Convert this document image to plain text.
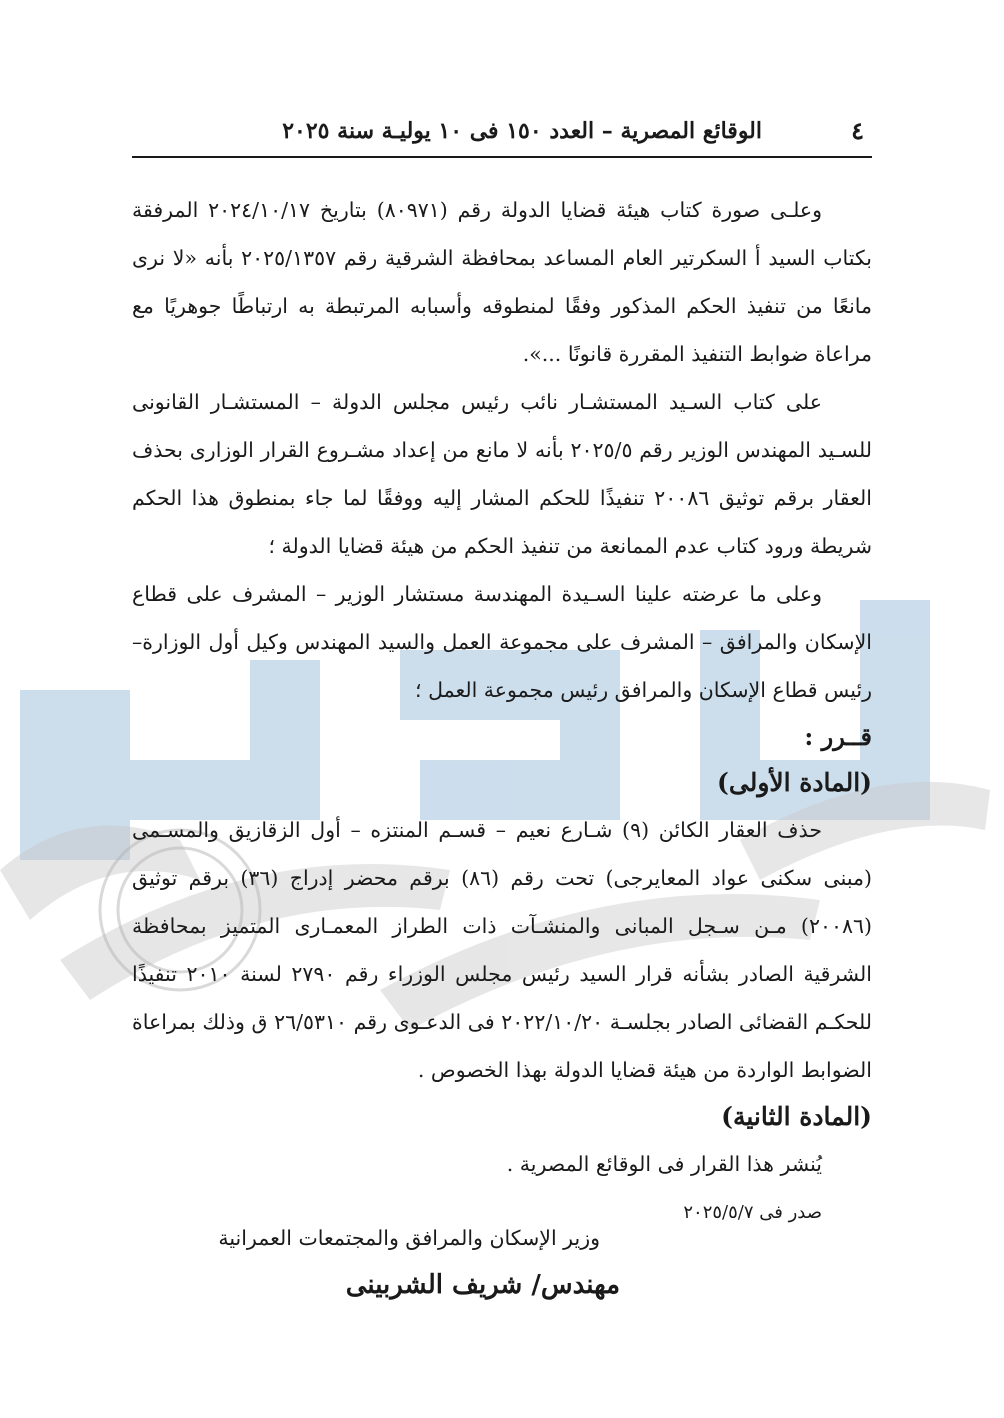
٤
الوقائع المصرية – العدد ١٥٠ فى ١٠ يوليـة سنة ٢٠٢٥

وعلـى صورة كتاب هيئة قضايا الدولة رقم (٨٠٩٧١) بتاريخ ٢٠٢٤/١٠/١٧ المرفقة بكتاب السيد أ السكرتير العام المساعد بمحافظة الشرقية رقم ٢٠٢٥/١٣٥٧ بأنه «لا نرى مانعًا من تنفيذ الحكم المذكور وفقًا لمنطوقه وأسبابه المرتبطة به ارتباطًا جوهريًا مع مراعاة ضوابط التنفيذ المقررة قانونًا ...».

على كتاب السـيد المستشـار نائب رئيس مجلس الدولة – المستشـار القانونى للسـيد المهندس الوزير رقم ٢٠٢٥/٥ بأنه لا مانع من إعداد مشـروع القرار الوزارى بحذف العقار برقم توثيق ٢٠٠٨٦ تنفيذًا للحكم المشار إليه ووفقًا لما جاء بمنطوق هذا الحكم شريطة ورود كتاب عدم الممانعة من تنفيذ الحكم من هيئة قضايا الدولة ؛

وعلى ما عرضته علينا السـيدة المهندسة مستشار الوزير – المشرف على قطاع الإسكان والمرافق – المشرف على مجموعة العمل والسيد المهندس وكيل أول الوزارة– رئيس قطاع الإسكان والمرافق رئيس مجموعة العمل ؛

قــرر :

(المادة الأولى)

حذف العقار الكائن (٩) شـارع نعيم – قسـم المنتزه – أول الزقازيق والمسـمى (مبنى سكنى عواد المعايرجى) تحت رقم (٨٦) برقم محضر إدراج (٣٦) برقم توثيق (٢٠٠٨٦) مـن سـجل المبانى والمنشـآت ذات الطراز المعمـارى المتميز بمحافظة الشرقية الصادر بشأنه قرار السيد رئيس مجلس الوزراء رقم ٢٧٩٠ لسنة ٢٠١٠ تنفيذًا للحكـم القضائى الصادر بجلسـة ٢٠٢٢/١٠/٢٠ فى الدعـوى رقم ٢٦/٥٣١٠ ق وذلك بمراعاة الضوابط الواردة من هيئة قضايا الدولة بهذا الخصوص .

(المادة الثانية)

يُنشر هذا القرار فى الوقائع المصرية .

صدر فى ٢٠٢٥/٥/٧

وزير الإسكان والمرافق والمجتمعات العمرانية
مهندس/ شريف الشربينى
